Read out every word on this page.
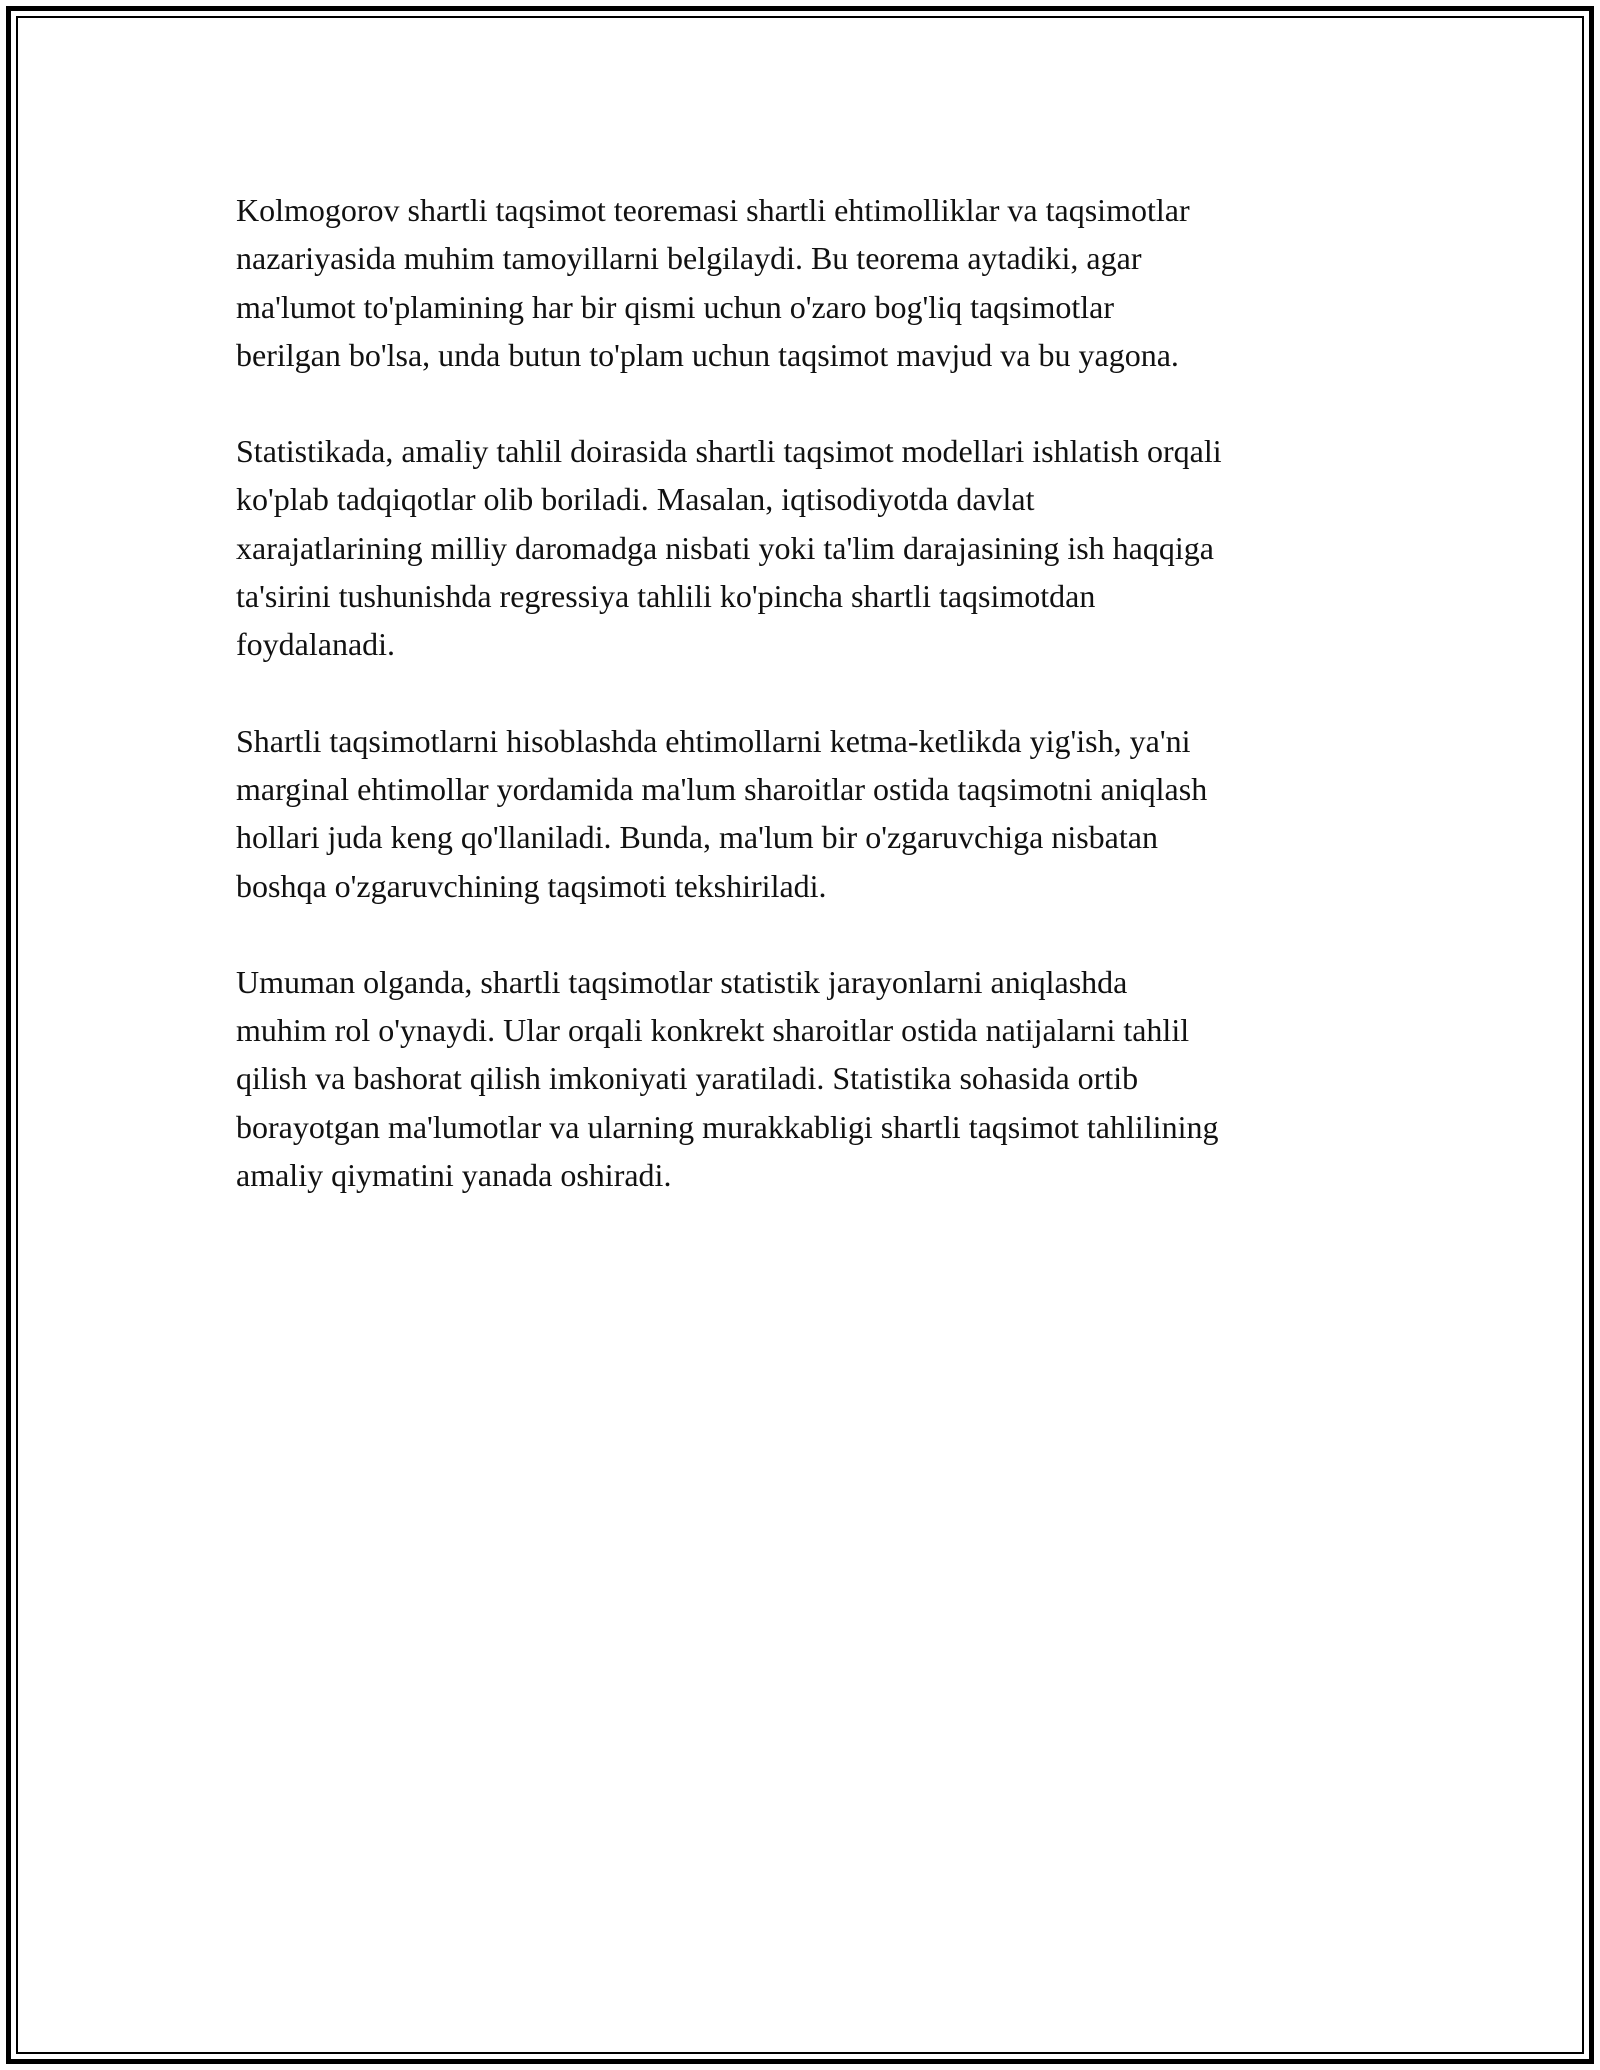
Kolmogorov shartli taqsimot teoremasi shartli ehtimolliklar va taqsimotlar
nazariyasida muhim tamoyillarni belgilaydi. Bu teorema aytadiki, agar
ma'lumot to'plamining har bir qismi uchun o'zaro bog'liq taqsimotlar
berilgan bo'lsa, unda butun to'plam uchun taqsimot mavjud va bu yagona.

Statistikada, amaliy tahlil doirasida shartli taqsimot modellari ishlatish orqali
ko'plab tadqiqotlar olib boriladi. Masalan, iqtisodiyotda davlat
xarajatlarining milliy daromadga nisbati yoki ta'lim darajasining ish haqqiga
ta'sirini tushunishda regressiya tahlili ko'pincha shartli taqsimotdan
foydalanadi.

Shartli taqsimotlarni hisoblashda ehtimollarni ketma-ketlikda yig'ish, ya'ni
marginal ehtimollar yordamida ma'lum sharoitlar ostida taqsimotni aniqlash
hollari juda keng qo'llaniladi. Bunda, ma'lum bir o'zgaruvchiga nisbatan
boshqa o'zgaruvchining taqsimoti tekshiriladi.

Umuman olganda, shartli taqsimotlar statistik jarayonlarni aniqlashda
muhim rol o'ynaydi. Ular orqali konkrekt sharoitlar ostida natijalarni tahlil
qilish va bashorat qilish imkoniyati yaratiladi. Statistika sohasida ortib
borayotgan ma'lumotlar va ularning murakkabligi shartli taqsimot tahlilining
amaliy qiymatini yanada oshiradi.
